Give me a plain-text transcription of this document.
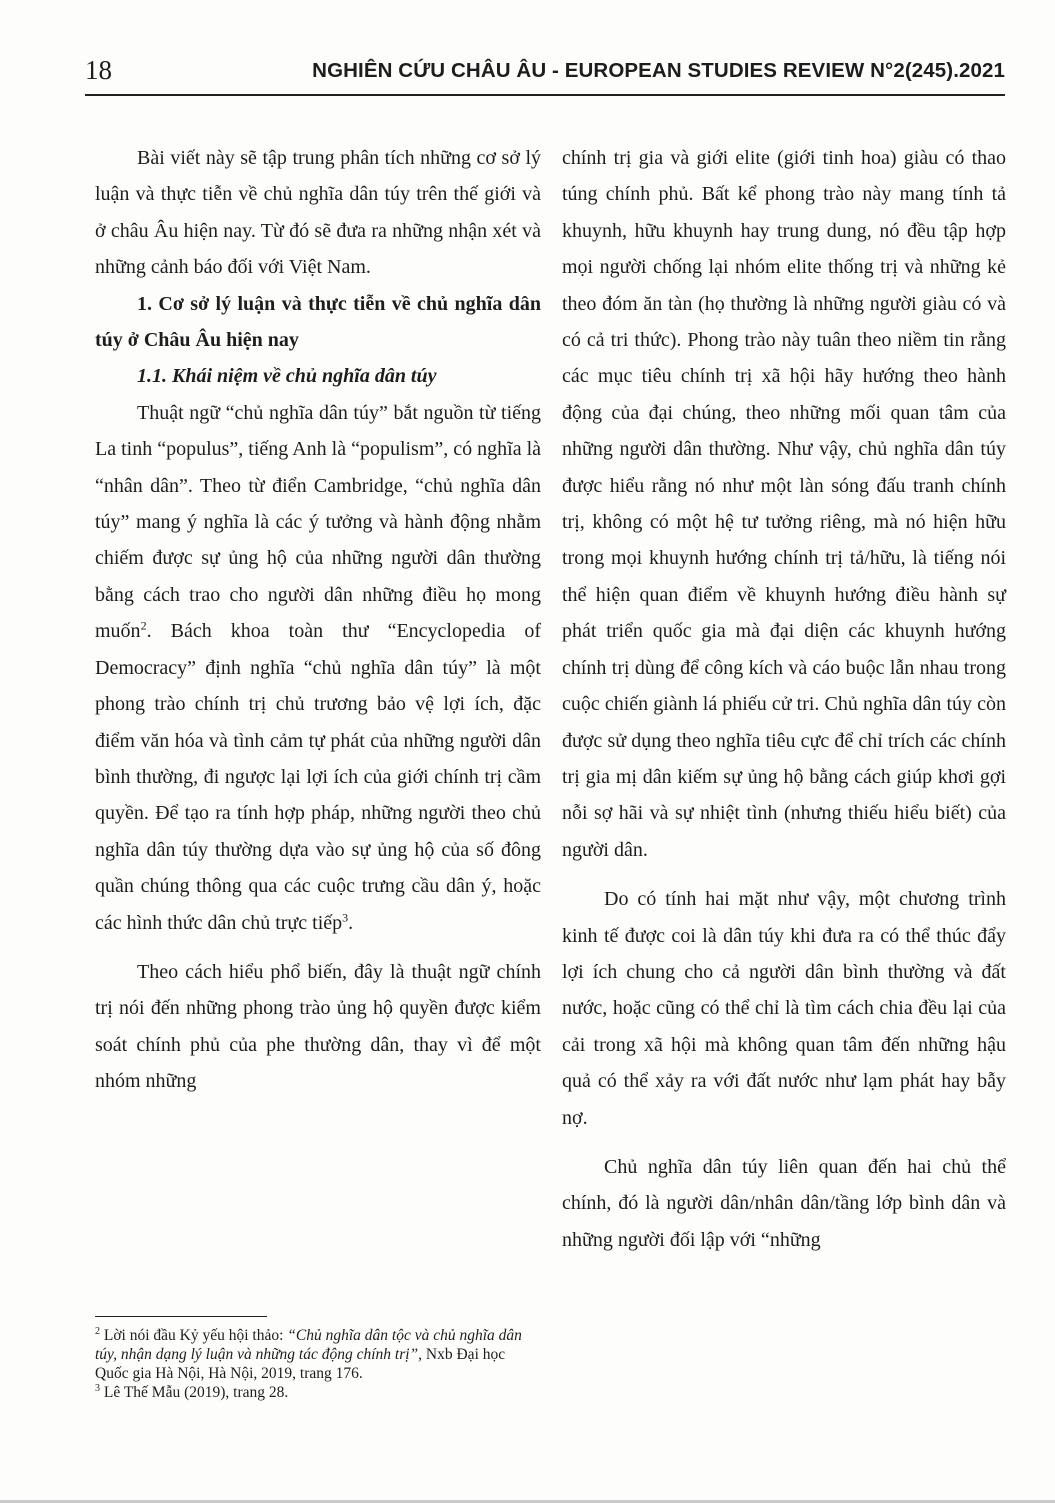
18	NGHIÊN CỨU CHÂU ÂU - EUROPEAN STUDIES REVIEW N°2(245).2021

Bài viết này sẽ tập trung phân tích những cơ sở lý luận và thực tiễn về chủ nghĩa dân túy trên thế giới và ở châu Âu hiện nay. Từ đó sẽ đưa ra những nhận xét và những cảnh báo đối với Việt Nam.

1. Cơ sở lý luận và thực tiễn về chủ nghĩa dân túy ở Châu Âu hiện nay

1.1. Khái niệm về chủ nghĩa dân túy

Thuật ngữ “chủ nghĩa dân túy” bắt nguồn từ tiếng La tinh “populus”, tiếng Anh là “populism”, có nghĩa là “nhân dân”. Theo từ điển Cambridge, “chủ nghĩa dân túy” mang ý nghĩa là các ý tưởng và hành động nhằm chiếm được sự ủng hộ của những người dân thường bằng cách trao cho người dân những điều họ mong muốn$^2$. Bách khoa toàn thư “Encyclopedia of Democracy” định nghĩa “chủ nghĩa dân túy” là một phong trào chính trị chủ trương bảo vệ lợi ích, đặc điểm văn hóa và tình cảm tự phát của những người dân bình thường, đi ngược lại lợi ích của giới chính trị cầm quyền. Để tạo ra tính hợp pháp, những người theo chủ nghĩa dân túy thường dựa vào sự ủng hộ của số đông quần chúng thông qua các cuộc trưng cầu dân ý, hoặc các hình thức dân chủ trực tiếp$^3$.

Theo cách hiểu phổ biến, đây là thuật ngữ chính trị nói đến những phong trào ủng hộ quyền được kiểm soát chính phủ của phe thường dân, thay vì để một nhóm những

chính trị gia và giới elite (giới tinh hoa) giàu có thao túng chính phủ. Bất kể phong trào này mang tính tả khuynh, hữu khuynh hay trung dung, nó đều tập hợp mọi người chống lại nhóm elite thống trị và những kẻ theo đóm ăn tàn (họ thường là những người giàu có và có cả tri thức). Phong trào này tuân theo niềm tin rằng các mục tiêu chính trị xã hội hãy hướng theo hành động của đại chúng, theo những mối quan tâm của những người dân thường. Như vậy, chủ nghĩa dân túy được hiểu rằng nó như một làn sóng đấu tranh chính trị, không có một hệ tư tưởng riêng, mà nó hiện hữu trong mọi khuynh hướng chính trị tả/hữu, là tiếng nói thể hiện quan điểm về khuynh hướng điều hành sự phát triển quốc gia mà đại diện các khuynh hướng chính trị dùng để công kích và cáo buộc lẫn nhau trong cuộc chiến giành lá phiếu cử tri. Chủ nghĩa dân túy còn được sử dụng theo nghĩa tiêu cực để chỉ trích các chính trị gia mị dân kiếm sự ủng hộ bằng cách giúp khơi gợi nỗi sợ hãi và sự nhiệt tình (nhưng thiếu hiểu biết) của người dân.

Do có tính hai mặt như vậy, một chương trình kinh tế được coi là dân túy khi đưa ra có thể thúc đẩy lợi ích chung cho cả người dân bình thường và đất nước, hoặc cũng có thể chỉ là tìm cách chia đều lại của cải trong xã hội mà không quan tâm đến những hậu quả có thể xảy ra với đất nước như lạm phát hay bẫy nợ.

Chủ nghĩa dân túy liên quan đến hai chủ thể chính, đó là người dân/nhân dân/tầng lớp bình dân và những người đối lập với “những

$^2$ Lời nói đầu Kỷ yếu hội thảo: “Chủ nghĩa dân tộc và chủ nghĩa dân túy, nhận dạng lý luận và những tác động chính trị”, Nxb Đại học Quốc gia Hà Nội, Hà Nội, 2019, trang 176.

$^3$ Lê Thế Mẫu (2019), trang 28.
